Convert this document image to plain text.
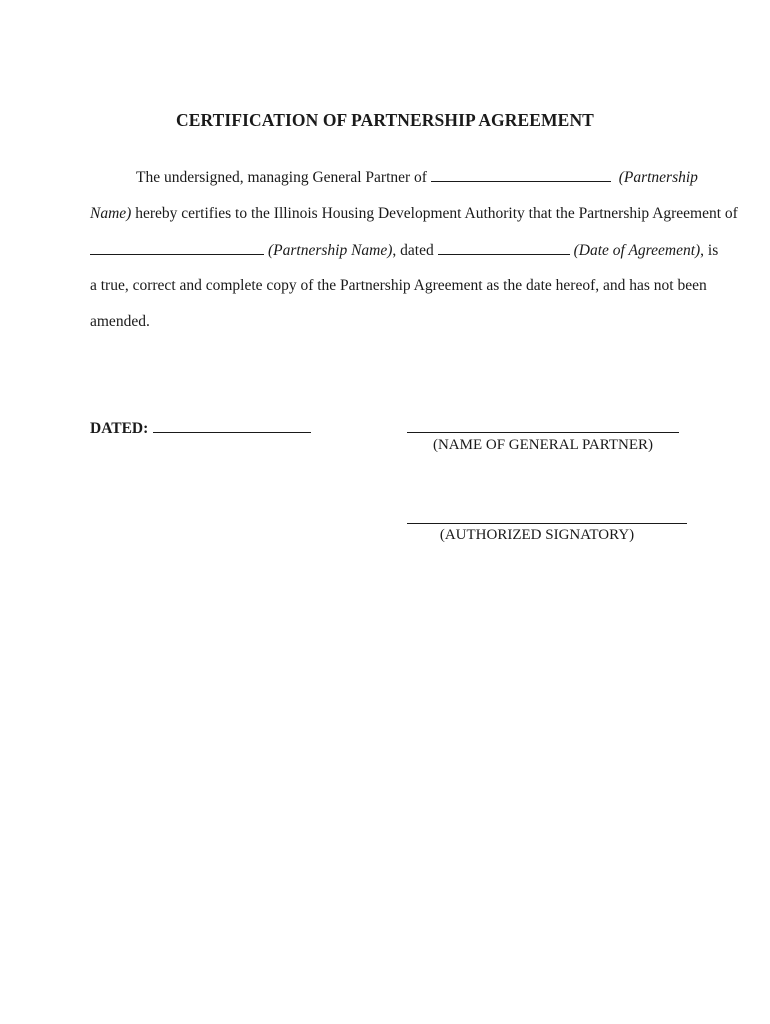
CERTIFICATION OF PARTNERSHIP AGREEMENT
The undersigned, managing General Partner of	(Partnership
Name) hereby certifies to the Illinois Housing Development Authority that the Partnership Agreement of
(Partnership Name), dated	(Date of Agreement), is
a true, correct and complete copy of the Partnership Agreement as the date hereof, and has not been
amended.
DATED:
(NAME OF GENERAL PARTNER)
(AUTHORIZED SIGNATORY)
